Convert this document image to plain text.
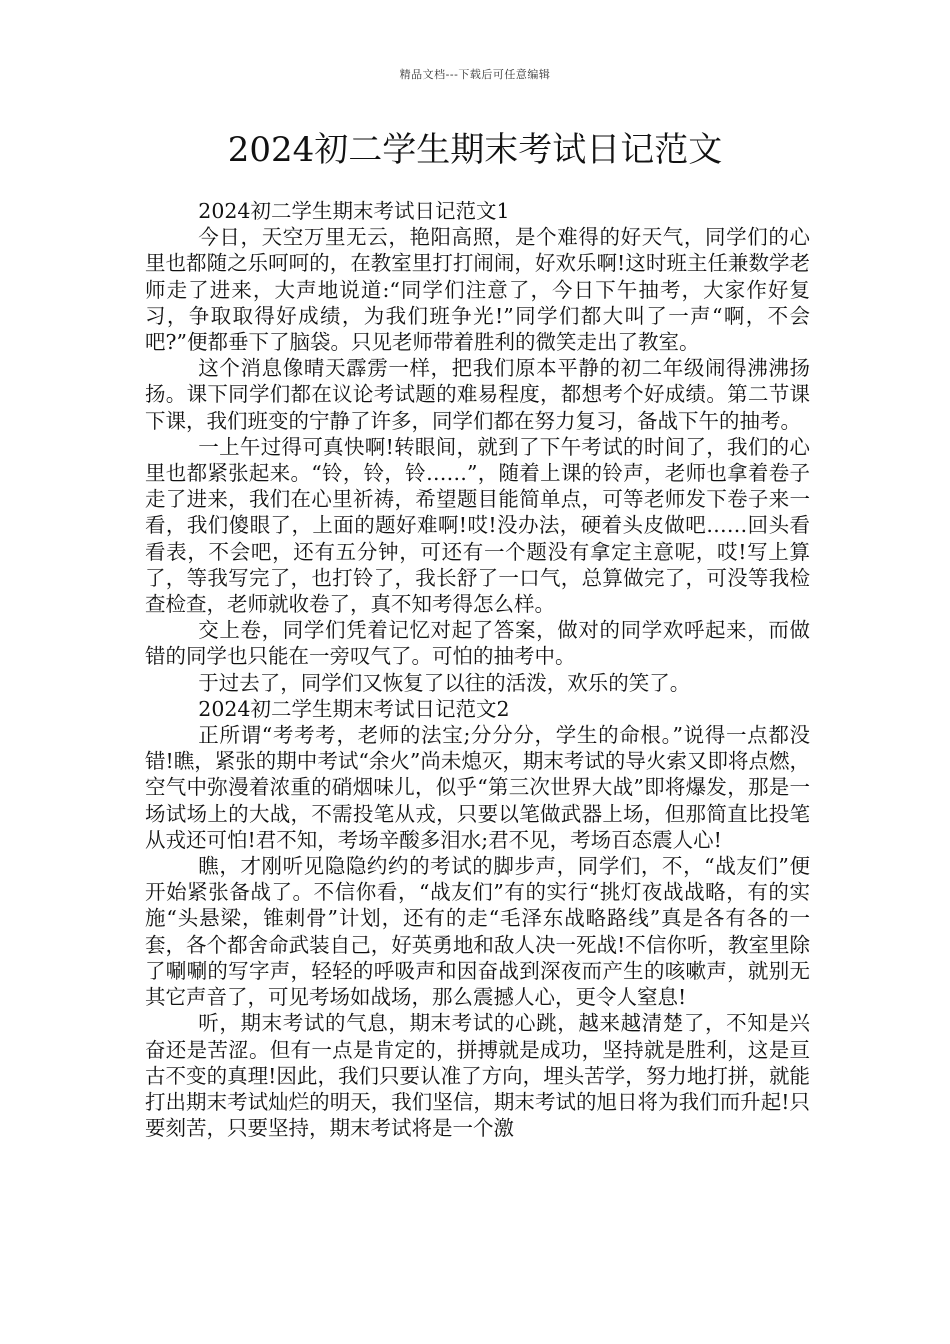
精品文档---下载后可任意编辑
2024初二学生期末考试日记范文

2024初二学生期末考试日记范文1

今日，天空万里无云，艳阳高照，是个难得的好天气，同学们的心里也都随之乐呵呵的，在教室里打打闹闹，好欢乐啊!这时班主任兼数学老师走了进来，大声地说道:“同学们注意了，今日下午抽考，大家作好复习，争取取得好成绩，为我们班争光!”同学们都大叫了一声“啊，不会吧?”便都垂下了脑袋。只见老师带着胜利的微笑走出了教室。

这个消息像晴天霹雳一样，把我们原本平静的初二年级闹得沸沸扬扬。课下同学们都在议论考试题的难易程度，都想考个好成绩。第二节课下课，我们班变的宁静了许多，同学们都在努力复习，备战下午的抽考。

一上午过得可真快啊!转眼间，就到了下午考试的时间了，我们的心里也都紧张起来。“铃，铃，铃……”，随着上课的铃声，老师也拿着卷子走了进来，我们在心里祈祷，希望题目能简单点，可等老师发下卷子来一看，我们傻眼了，上面的题好难啊!哎!没办法，硬着头皮做吧……回头看看表，不会吧，还有五分钟，可还有一个题没有拿定主意呢，哎!写上算了，等我写完了，也打铃了，我长舒了一口气，总算做完了，可没等我检查检查，老师就收卷了，真不知考得怎么样。

交上卷，同学们凭着记忆对起了答案，做对的同学欢呼起来，而做错的同学也只能在一旁叹气了。可怕的抽考中。

于过去了，同学们又恢复了以往的活泼，欢乐的笑了。

2024初二学生期末考试日记范文2

正所谓“考考考，老师的法宝;分分分，学生的命根。”说得一点都没错!瞧，紧张的期中考试“余火”尚未熄灭，期末考试的导火索又即将点燃，空气中弥漫着浓重的硝烟味儿，似乎“第三次世界大战”即将爆发，那是一场试场上的大战，不需投笔从戎，只要以笔做武器上场，但那简直比投笔从戎还可怕!君不知，考场辛酸多泪水;君不见，考场百态震人心!

瞧，才刚听见隐隐约约的考试的脚步声，同学们，不，“战友们”便开始紧张备战了。不信你看，“战友们”有的实行“挑灯夜战战略，有的实施“头悬梁，锥刺骨”计划，还有的走“毛泽东战略路线”真是各有各的一套，各个都舍命武装自己，好英勇地和敌人决一死战!不信你听，教室里除了唰唰的写字声，轻轻的呼吸声和因奋战到深夜而产生的咳嗽声，就别无其它声音了，可见考场如战场，那么震撼人心，更令人窒息!

听，期末考试的气息，期末考试的心跳，越来越清楚了，不知是兴奋还是苦涩。但有一点是肯定的，拼搏就是成功，坚持就是胜利，这是亘古不变的真理!因此，我们只要认准了方向，埋头苦学，努力地打拼，就能打出期末考试灿烂的明天，我们坚信，期末考试的旭日将为我们而升起!只要刻苦，只要坚持，期末考试将是一个激
